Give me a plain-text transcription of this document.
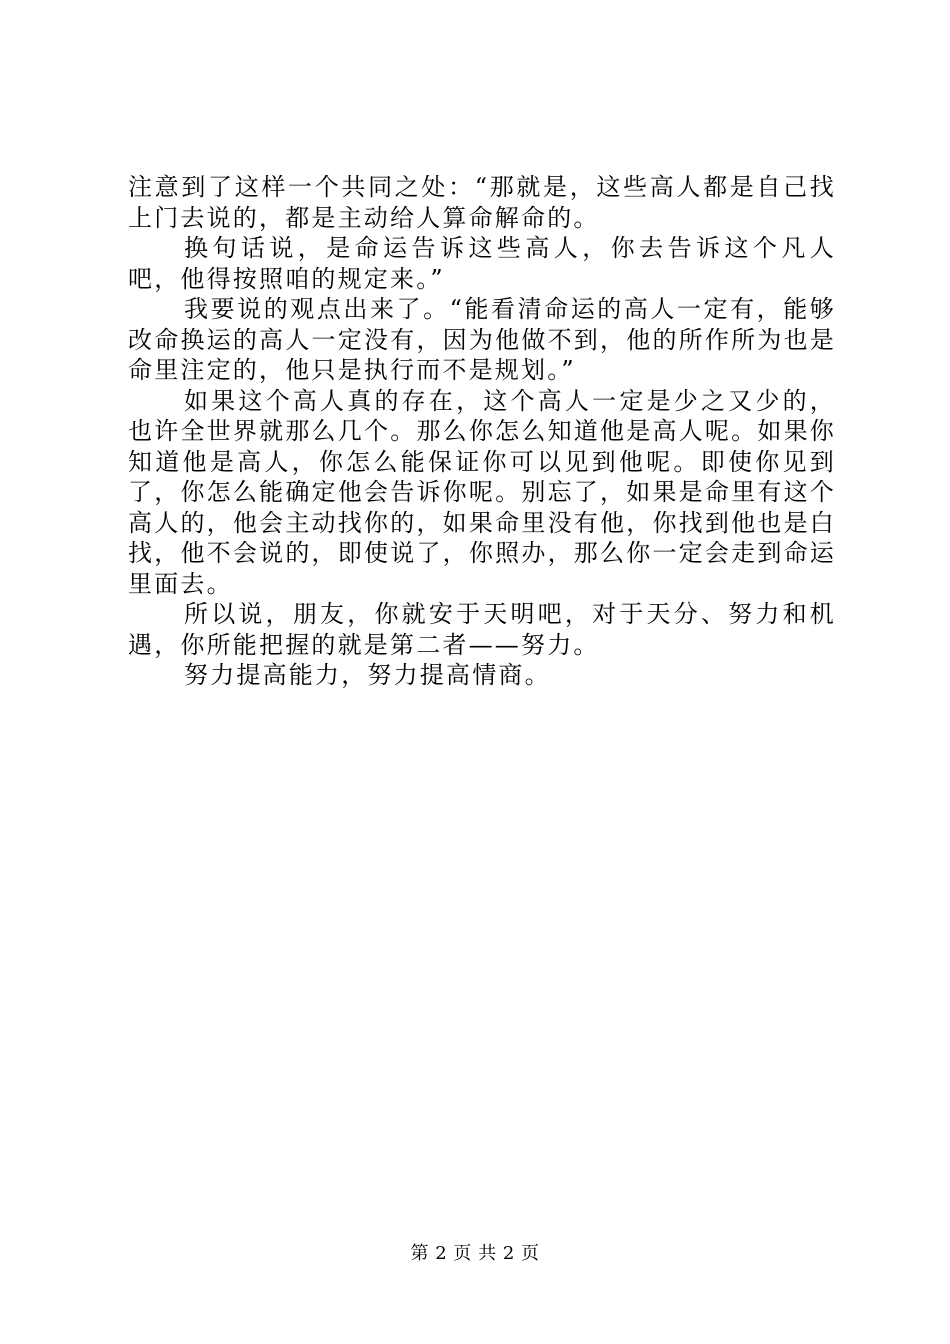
注意到了这样一个共同之处：“那就是，这些高人都是自己找上门去说的，都是主动给人算命解命的。

换句话说，是命运告诉这些高人，你去告诉这个凡人吧，他得按照咱的规定来。”

我要说的观点出来了。“能看清命运的高人一定有，能够改命换运的高人一定没有，因为他做不到，他的所作所为也是命里注定的，他只是执行而不是规划。”

如果这个高人真的存在，这个高人一定是少之又少的，也许全世界就那么几个。那么你怎么知道他是高人呢。如果你知道他是高人，你怎么能保证你可以见到他呢。即使你见到了，你怎么能确定他会告诉你呢。别忘了，如果是命里有这个高人的，他会主动找你的，如果命里没有他，你找到他也是白找，他不会说的，即使说了，你照办，那么你一定会走到命运里面去。

所以说，朋友，你就安于天明吧，对于天分、努力和机遇，你所能把握的就是第二者——努力。

努力提高能力，努力提高情商。

第 2 页 共 2 页
